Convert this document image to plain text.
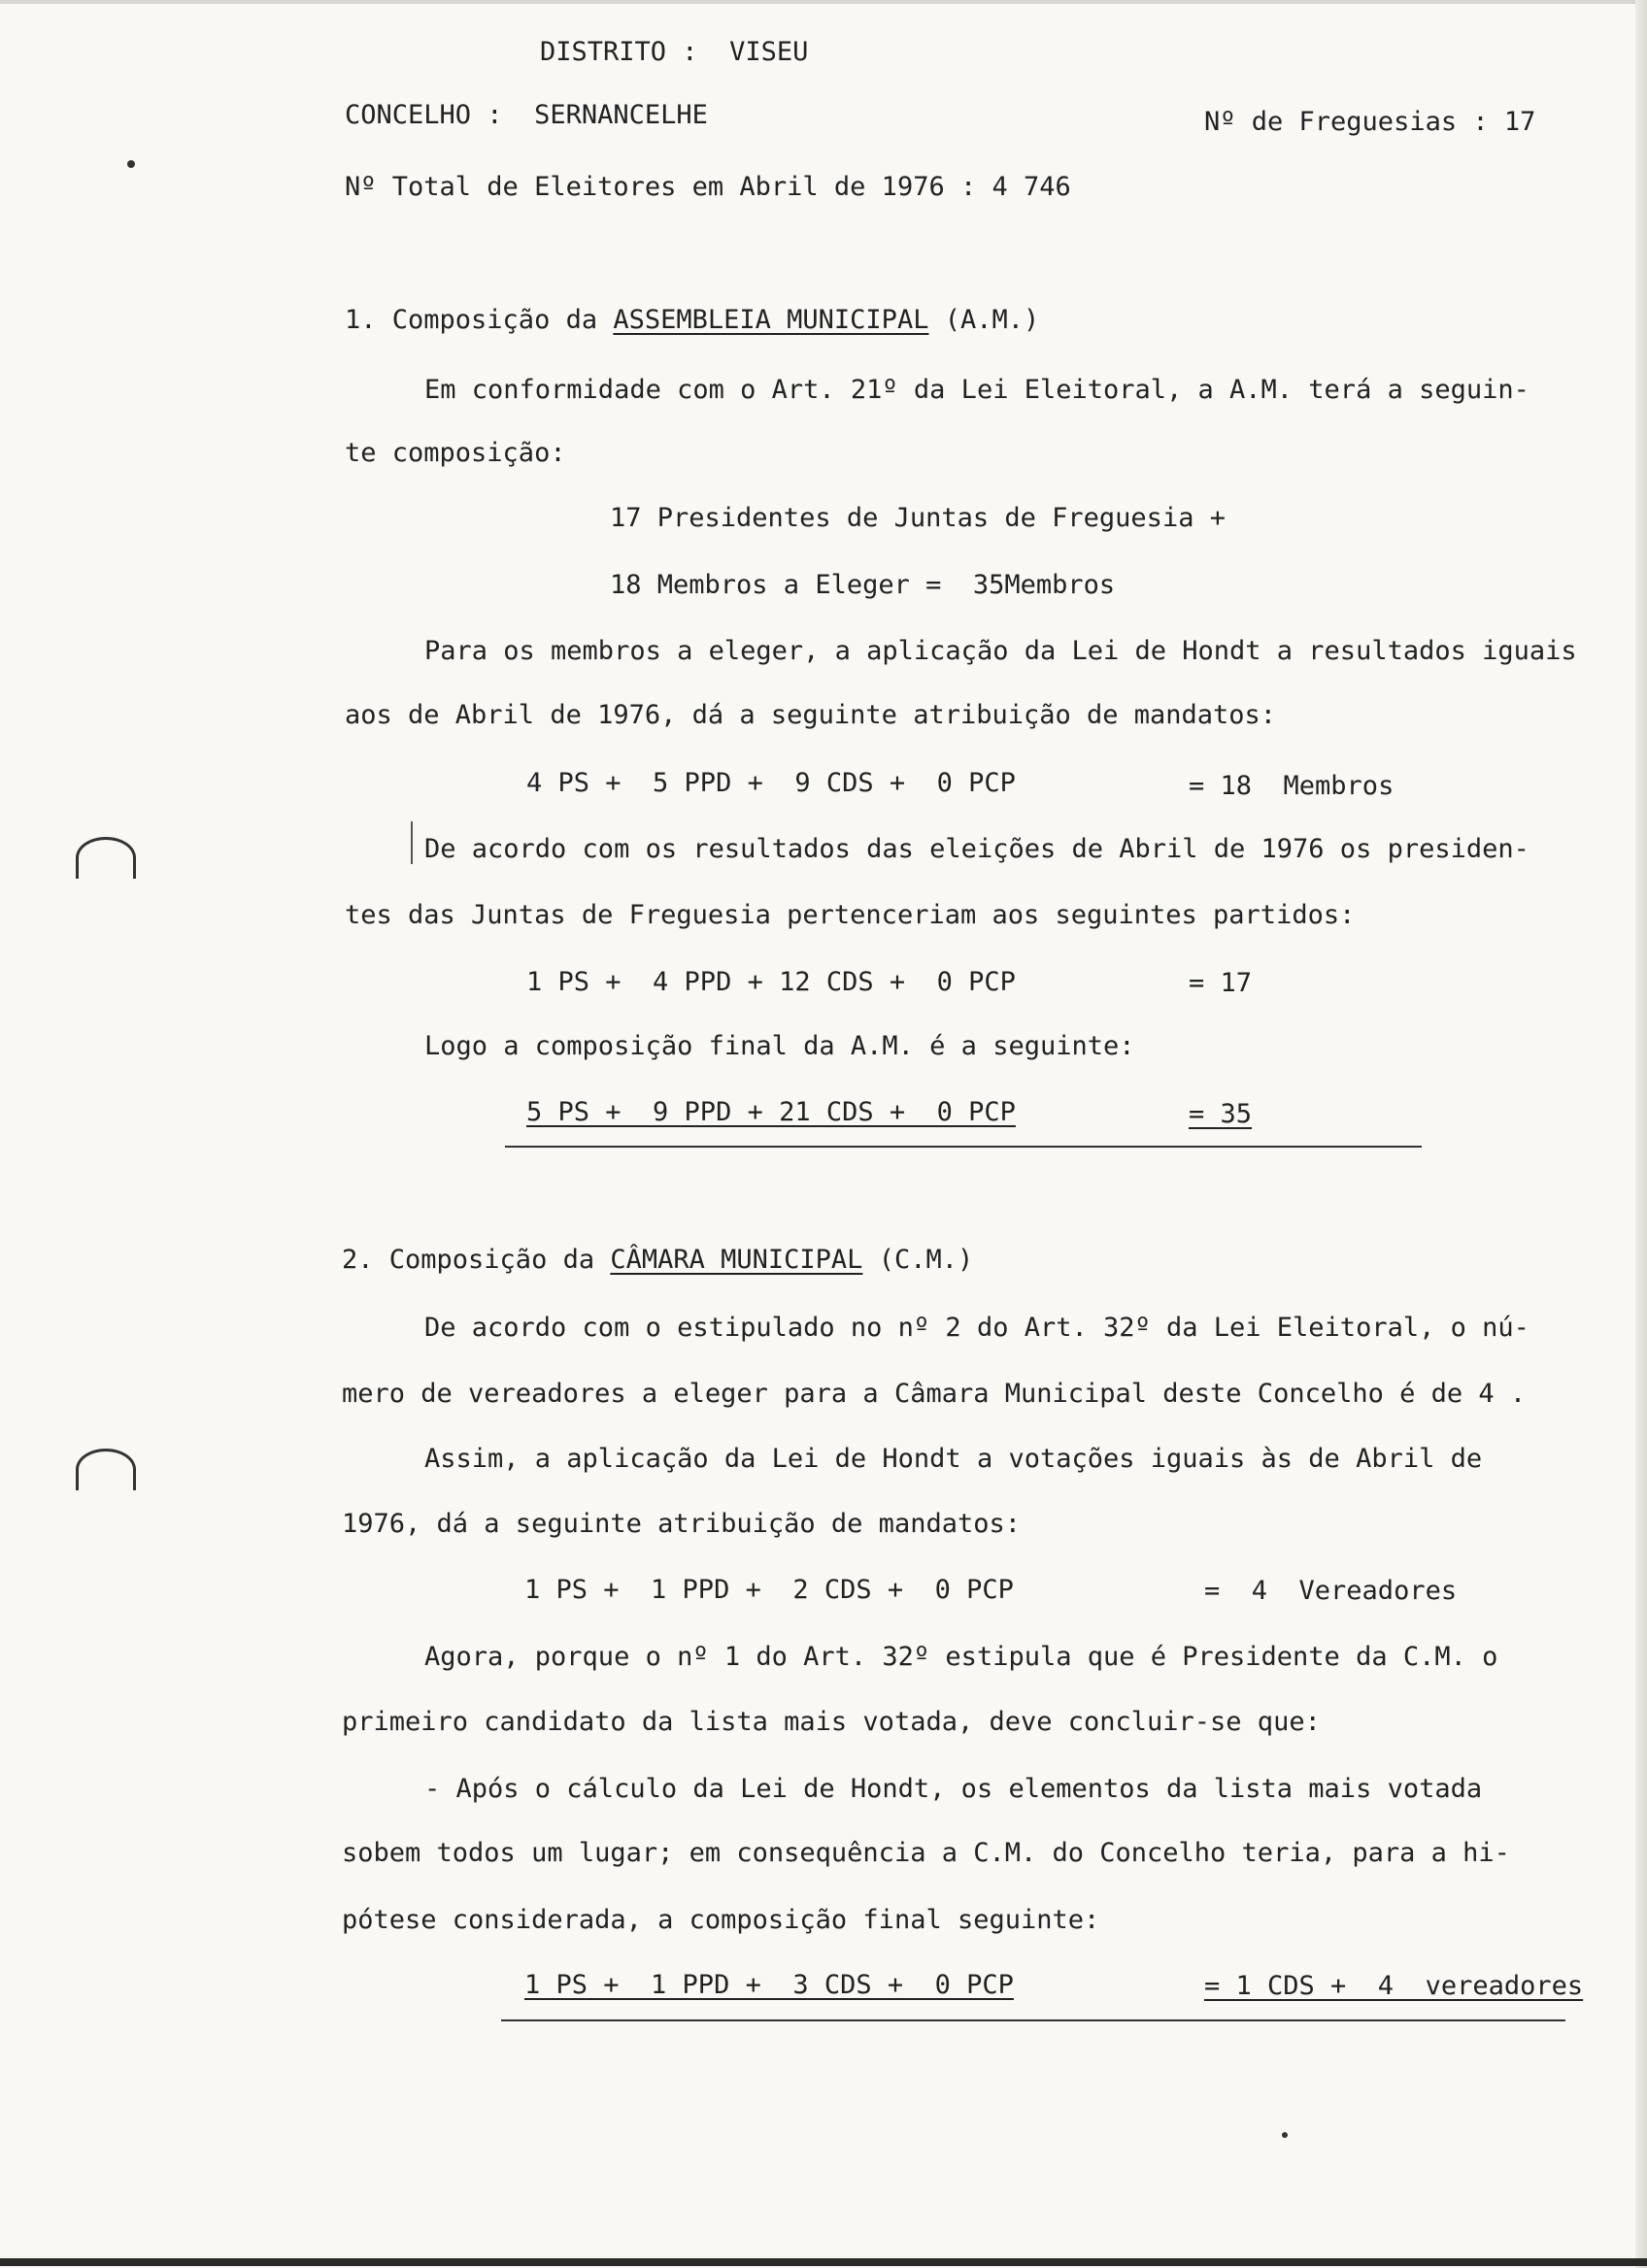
DISTRITO :  VISEU
CONCELHO :  SERNANCELHE	Nº de Freguesias : 17
Nº Total de Eleitores em Abril de 1976 : 4 746
1. Composição da ASSEMBLEIA MUNICIPAL (A.M.)
Em conformidade com o Art. 21º da Lei Eleitoral, a A.M. terá a seguin-
te composição:
17 Presidentes de Juntas de Freguesia +
18 Membros a Eleger =  35Membros
Para os membros a eleger, a aplicação da Lei de Hondt a resultados iguais
aos de Abril de 1976, dá a seguinte atribuição de mandatos:
4 PS +  5 PPD +  9 CDS +  0 PCP	= 18  Membros
De acordo com os resultados das eleições de Abril de 1976 os presiden-
tes das Juntas de Freguesia pertenceriam aos seguintes partidos:
1 PS +  4 PPD + 12 CDS +  0 PCP	= 17
Logo a composição final da A.M. é a seguinte:
5 PS +  9 PPD + 21 CDS +  0 PCP	= 35
2. Composição da CÂMARA MUNICIPAL (C.M.)
De acordo com o estipulado no nº 2 do Art. 32º da Lei Eleitoral, o nú-
mero de vereadores a eleger para a Câmara Municipal deste Concelho é de 4 .
Assim, a aplicação da Lei de Hondt a votações iguais às de Abril de
1976, dá a seguinte atribuição de mandatos:
1 PS +  1 PPD +  2 CDS +  0 PCP	=  4  Vereadores
Agora, porque o nº 1 do Art. 32º estipula que é Presidente da C.M. o
primeiro candidato da lista mais votada, deve concluir-se que:
- Após o cálculo da Lei de Hondt, os elementos da lista mais votada
sobem todos um lugar; em consequência a C.M. do Concelho teria, para a hi-
pótese considerada, a composição final seguinte:
1 PS +  1 PPD +  3 CDS +  0 PCP	= 1 CDS +  4  vereadores
